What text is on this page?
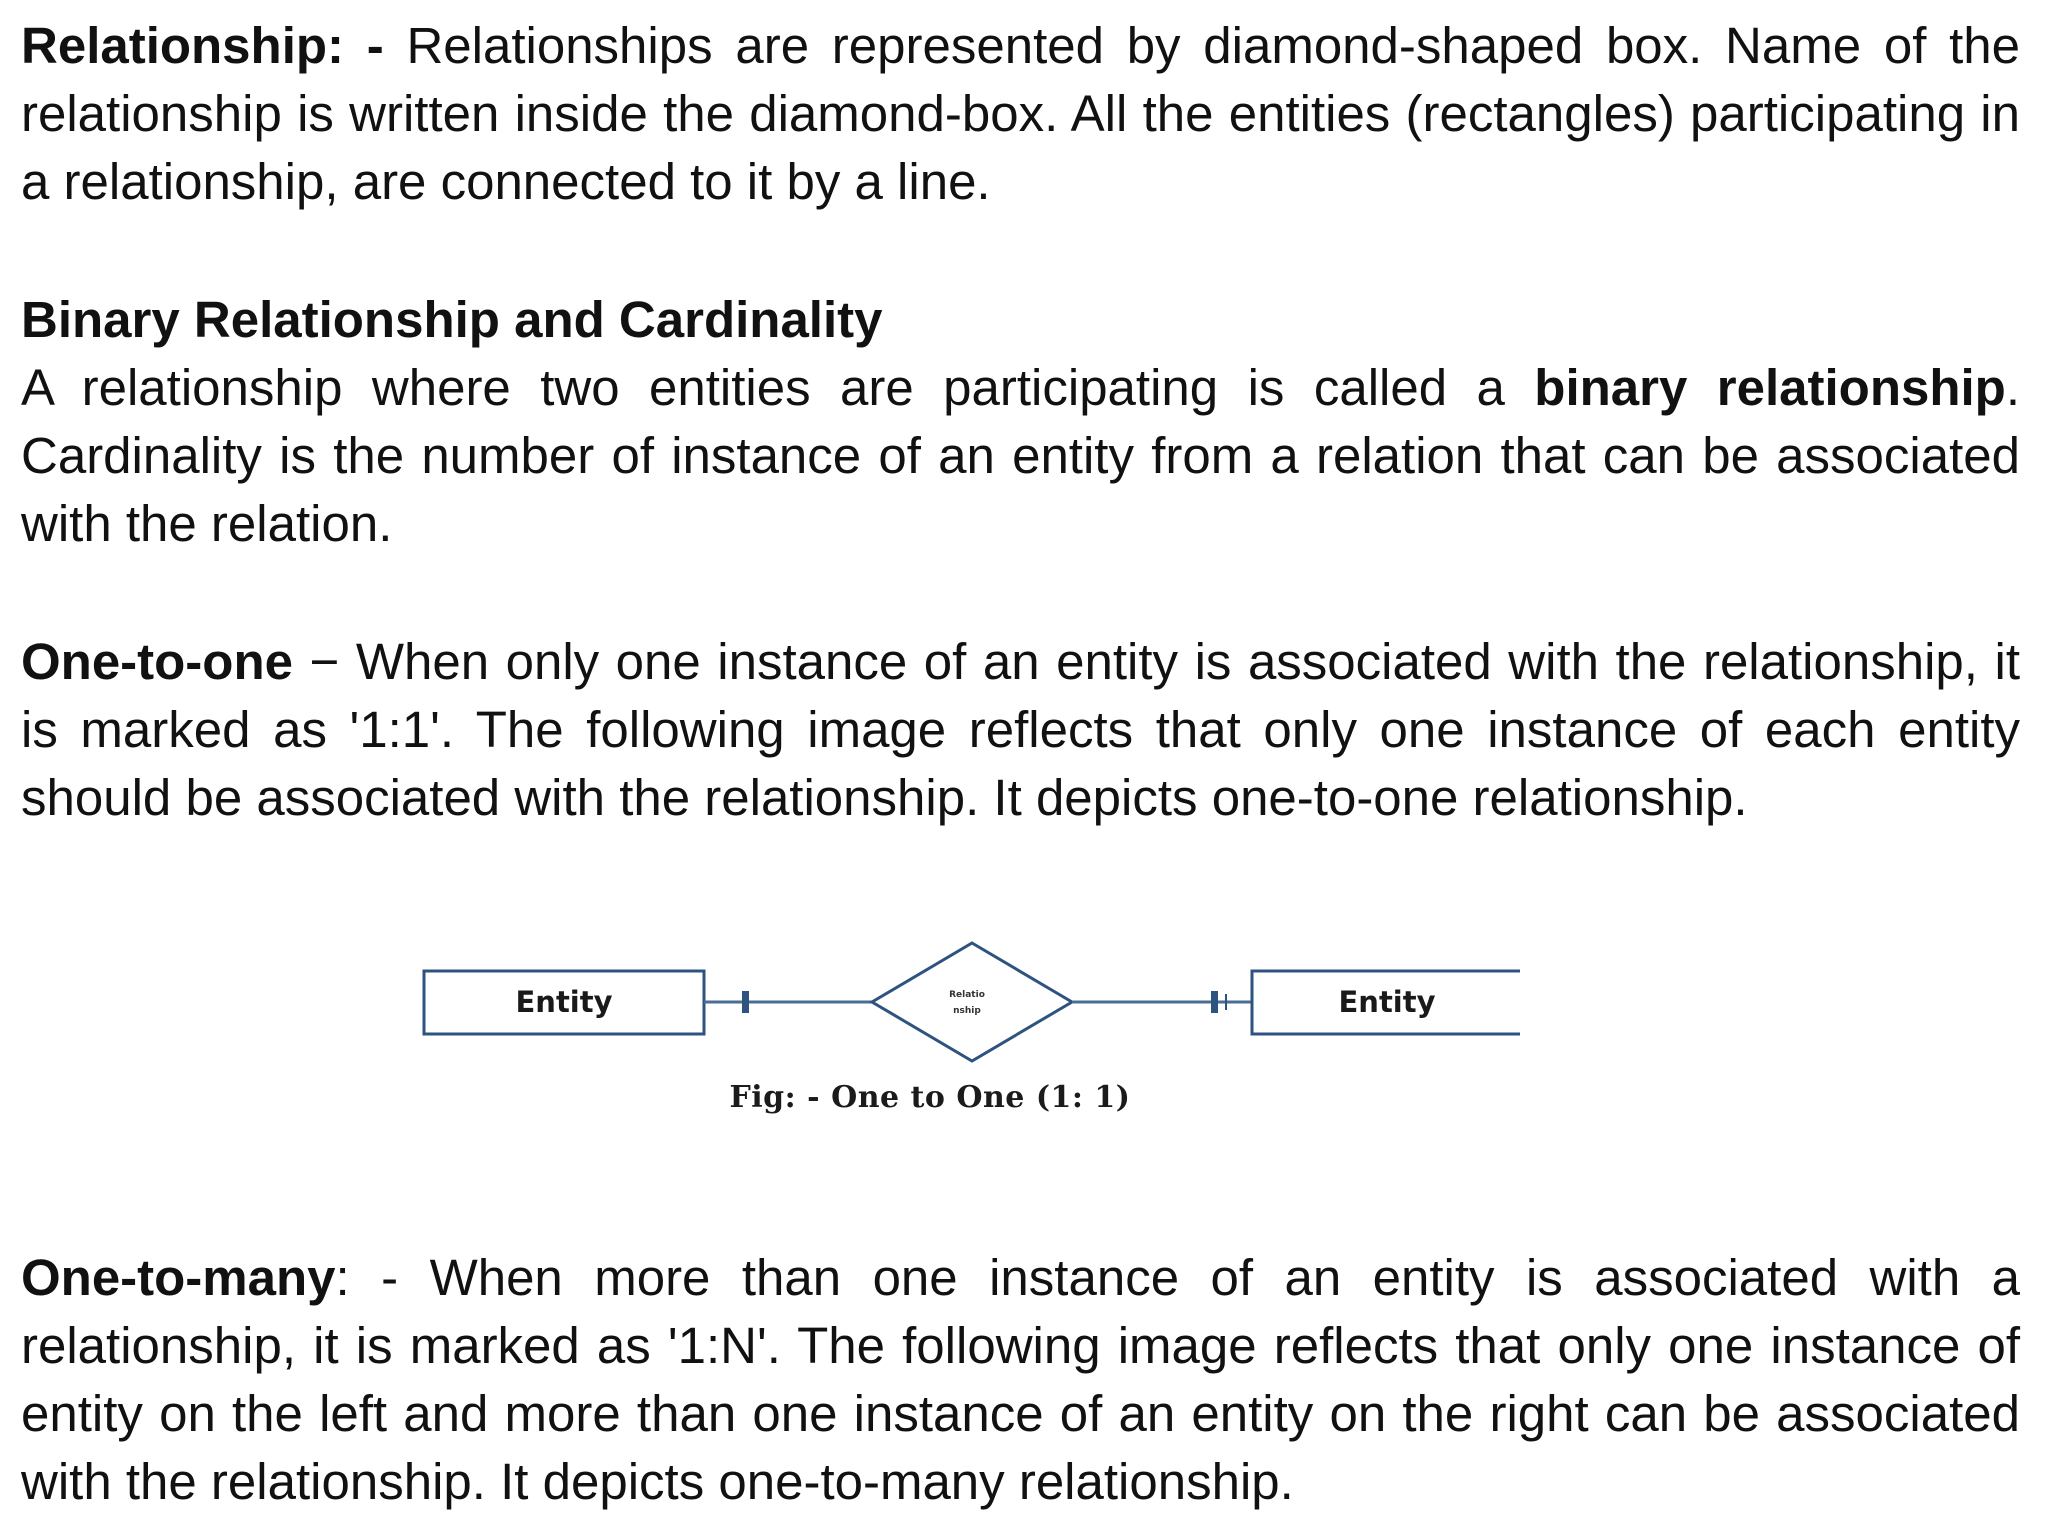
Relationship: - Relationships are represented by diamond-shaped box. Name of the relationship is written inside the diamond-box. All the entities (rectangles) participating in a relationship, are connected to it by a line.

Binary Relationship and Cardinality

A relationship where two entities are participating is called a binary relationship. Cardinality is the number of instance of an entity from a relation that can be associated with the relation.

One-to-one − When only one instance of an entity is associated with the relationship, it is marked as '1:1'. The following image reflects that only one instance of each entity should be associated with the relationship. It depicts one-to-one relationship.

Entity	Relatio
nship	Entity
Fig: - One to One (1: 1)

One-to-many: - When more than one instance of an entity is associated with a relationship, it is marked as '1:N'. The following image reflects that only one instance of entity on the left and more than one instance of an entity on the right can be associated with the relationship. It depicts one-to-many relationship.
